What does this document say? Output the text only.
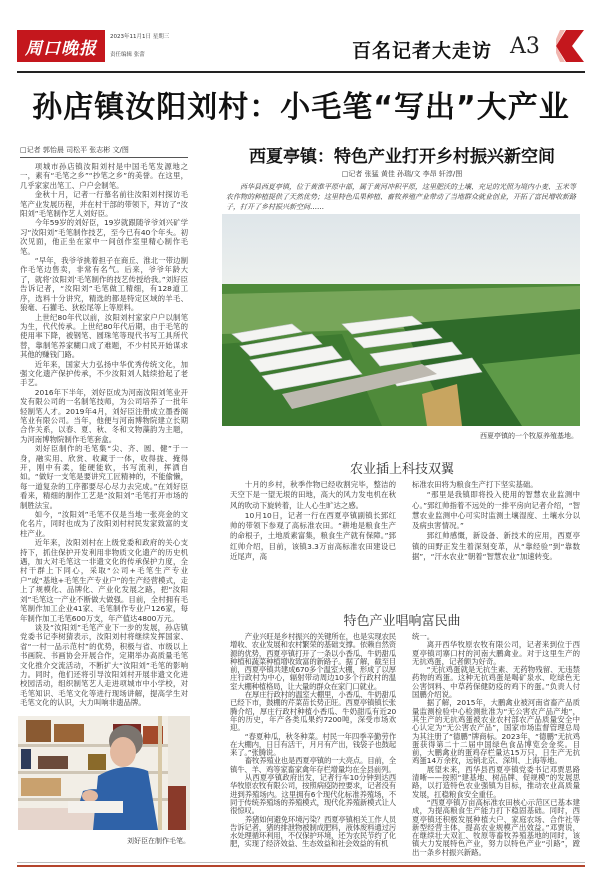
周口晚报
2023年11月1日 星期三
责任编辑 张蕾	百名记者大走访 A3
孙店镇汝阳刘村：小毛笔“写出”大产业
□记者 郭怡晨 司松平 张志彬 文/图

项城市孙店镇汝阳刘村是中国毛笔发源地之一，素有“毛笔之乡”“抄笔之乡”的美誉。在这里，几乎家家出笔工、户户会制笔。

金秋十月，记者一行慕名前往汝阳刘村探访毛笔产业发展历程，并在村干部的带领下，拜访了“汝阳刘”毛笔制作艺人刘好臣。

今年59岁的刘好臣，19岁就跟随爷爷刘兴矿学习“汝阳刘”毛笔制作技艺，至今已有40个年头。初次见面，他正坐在家中一间创作室里精心制作毛笔。

“早年，我爷爷挑着担子在商丘、淮北一带边制作毛笔边售卖，非常有名气。后来，爷爷年龄大了，就将‘汝阳刘’毛笔制作的技艺传授给我。”刘好臣告诉记者，“汝阳刘”毛笔做工精细，有128道工序，选料十分讲究，精选的都是特定区域的羊毛、狼毫、石獾毛、狄松尾等上等原料。

上世纪80年代以前，汝阳刘村家家户户以制笔为生，代代传承。上世纪80年代后期，由于毛笔的使用率下降，被钢笔、圆珠笔等现代书写工具所代替，靠制笔养家糊口成了难题，不少村民开始谋求其他的赚钱门路。

近年来，国家大力弘扬中华优秀传统文化，加强文化遗产保护传承，不少汝阳刘人陆续拾起了老手艺。

2016年下半年，刘好臣成为河南汝阳刘笔业开发有限公司的一名制笔技师，为公司培养了一批年轻制笔人才。2019年4月，刘好臣注册成立墨香阁笔业有限公司。当年，他便与河南博物院建立长期合作关系，以春、夏、秋、冬和文物藻韵为主题，为河南博物院制作毛笔套盒。

刘好臣制作的毛笔集“尖、齐、圆、健”于一身，融实用、欣赏、收藏于一体，收得拢、掩得开，刚中有柔，能硬能软，书写流利，挥洒自如。“做好一支笔是要讲究工匠精神的，不能偷懒，每一道复杂的工序都要尽心尽力去完成。”在刘好臣看来，精细的制作工艺是“汝阳刘”毛笔打开市场的制胜法宝。

如今，“汝阳刘”毛笔不仅是当地一张亮金的文化名片，同时也成为了汝阳刘村村民发家致富的支柱产业。

近年来，汝阳刘村在上级党委和政府的关心支持下，抓住保护开发利用非物质文化遗产的历史机遇，加大对毛笔这一非遗文化的传承保护力度，全村干群上下同心，采取“公司+毛笔生产专业户”或“基地+毛笔生产专业户”的生产经营模式，走上了规模化、品牌化、产业化发展之路，把“汝阳刘”毛笔这一产业不断做大做强。目前，全村拥有毛笔制作加工企业41家、毛笔制作专业户126家，每年制作加工毛笔600万支，年产值达4800万元。

谈及“汝阳刘”毛笔产业下一步的发展，孙店镇党委书记李树猜表示，汝阳刘村将继续发挥国家、省“一村一品示范村”的优势，积极与省、市级以上书画院、书画协会开展合作，定期举办高质量毛笔文化推介交流活动，不断扩大“汝阳刘”毛笔的影响力。同时，他们还将引导汝阳刘村开展非遗文化进校园活动，组织制笔艺人走进项城市中小学校，对毛笔知识、毛笔文化等进行现场讲解，提高学生对毛笔文化的认识，大力叫响非遗品牌。

刘好臣在制作毛笔。
西夏亭镇：特色产业打开乡村振兴新空间
□记者 张猛 黄佳 孙瑞/文 李昂 轩淳/图
西华县西夏亭镇，位于黄淮平原中部，属于黄河冲积平原，这里肥沃的土壤、充足的光照为境内小麦、玉米等农作物的种植提供了天然优势；这里特色瓜果种植、畜牧养殖产业带动了当地群众就业创业，开拓了富民增收新路子，打开了乡村振兴新空间……
西夏亭镇的一个牧原养殖基地。
农业插上科技双翼

十月的乡村，秋季作物已经收割完毕，整洁的天空下是一望无垠的田地，高大的风力发电机在秋风的吹动下旋转着，让人心生旷达之感。

10月10日，记者一行在西夏亭镇副镇长郅红帅的带领下参观了高标准农田。“耕地是粮食生产的命根子，土地质素富集，粮食生产就有保障。”郅红帅介绍，目前，该镇3.3万亩高标准农田建设已近尾声，高

标准农田将为粮食生产打下坚实基础。

“那里是我镇即将投入使用的智慧农业监测中心。”郅红帅指着不远处的一排平房向记者介绍，“智慧农业监测中心可实时监测土壤湿度、土壤水分以及病虫害情况。”

郅红帅感慨，新设备、新技术的应用，西夏亭镇的田野正发生着深刻变革，从“靠经验”到“靠数据”，“汗水农业”朝着“智慧农业”加速转变。

特色产业唱响富民曲

产业兴旺是乡村振兴的关键所在，也是实现农民增收、农业发展和农村繁荣的基础支撑。依赖自然资源的优势，西夏亭镇打开了一条以小香瓜、牛奶甜瓜种植和蔬菜种植增收致富的新路子。据了解，截至目前，西夏亭镇共建成670多个温室大棚，形成了以厚庄行政村为中心，辐射带动周边10多个行政村的温室大棚种植格局，让大量的群众在家门口就业。

在厚庄行政村的温室大棚里，小香瓜、牛奶甜瓜已经下市，鼓棚的芹菜苗长势正旺。西夏亭镇镇长张腾介绍，厚庄行政村种植小香瓜、牛奶甜瓜有近20年的历史，年产各类瓜果约7200吨，深受市场欢迎。

“春夏种瓜，秋冬种菜。村民一年四季辛勤劳作在大棚内，日日有活干，月月有产出，钱袋子也鼓起来了。”张腾说。

畜牧养殖业也是西夏亭镇的一大亮点。目前，全镇牛、羊、鸡等家畜家禽年存栏增量均在全县前列。

从西夏亭镇政府出发，记者行车10分钟到达西华牧原农牧有限公司，按照病疫防控要求，记者没有进到养殖场内。这里拥有6个现代化标准养殖场，不同于传统养殖场的养殖模式，现代化养殖新模式让人很惊叹。

养猪如何避免环境污染？西夏亭镇相关工作人员告诉记者，猪的排泄物被制成肥料，液体废料通过污水处理循环利用，不仅保护环境，还为农民节约了化肥，实现了经济效益、生态效益和社会效益的有机

统一。

离开西华牧原农牧有限公司，记者来到位于西夏亭镇司寨口村的河南大鹏禽业。对于这里生产的无抗鸡蛋，记者颇为好奇。

“无抗鸡蛋就是无抗生素、无药物残留、无违禁药物的鸡蛋。这种无抗鸡蛋是喝矿泉水、吃绿色无公害饲料、中草药保健防疫的鸡下的蛋。”负责人付国鹏介绍说。

据了解，2015年，大鹏禽业被河南省畜产品质量监测检验中心检测批准为“无公害农产品产地”，其生产的无抗鸡蛋被农业农村部农产品质量安全中心认定为“无公害农产品”，国家市场监督管理总局为其注册了“德鹏”牌商标。2023年，“德鹏”无抗鸡蛋获得第二十二届中国绿色食品博览会金奖。目前，大鹏禽业的蛋鸡存栏量达15万只，日生产无抗鸡蛋14万余枚，远销北京、深圳、上海等地。

展望未来，西华县西夏亭镇党委书记邓贾思路清晰——按照“建基地、树品牌、促规模”的发展思路，以打造特色农业强镇为目标，推动农业高质量发展，扛稳粮食安全重任。

“西夏亭镇万亩高标准农田核心示范区已基本建成，为提高粮食生产能力打下稳固基础。同时，西夏亭镇还积极发展种植大户、家庭农场、合作社等新型经营主体，提高农业规模产出效益。”邓贾说，在继续壮大双汇、牧原等畜牧养殖基地的同时，该镇大力发展特色产业，努力以特色产业“引路”，蹚出一条乡村振兴新路。
